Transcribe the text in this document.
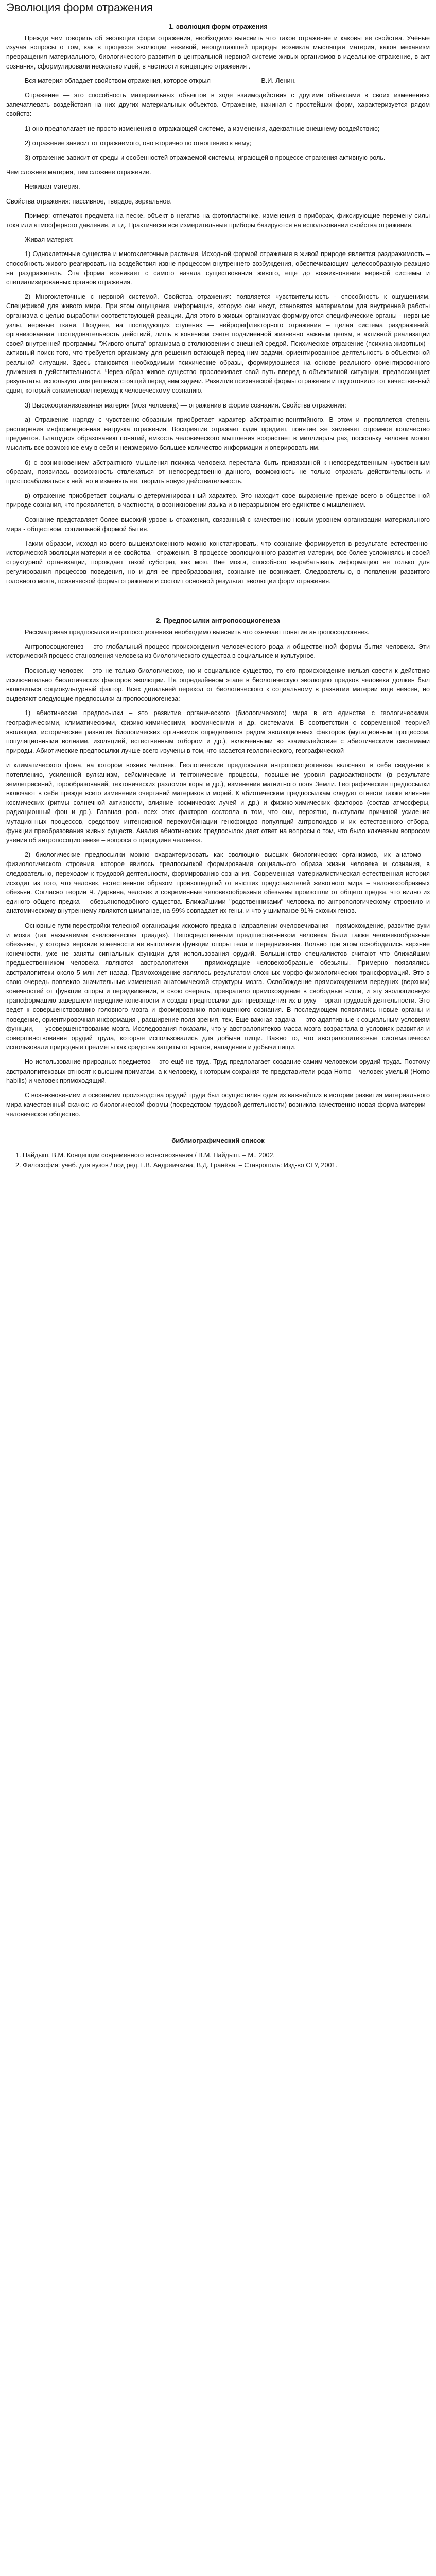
Эволюция форм отражения
1. эволюция форм отражения

Прежде чем говорить об эволюции форм отражения, необходимо выяснить что такое отражение и каковы её свойства. Учёные изучая вопросы о том, как в процессе эволюции неживой, неощущающей природы возникла мыслящая материя, каков механизм превращения материального, биологического развития в центральной нервной системе живых организмов в идеальное отражение, в акт сознания, сформулировали несколько идей, в частности концепцию отражения .

Вся материя обладает свойством отражения, которое открыл	В.И. Ленин.

Отражение — это способность материальных объектов в ходе взаимодействия с другими объектами в своих изменениях запечатлевать воздействия на них других материальных объектов. Отражение, начиная с простейших форм, характеризуется рядом свойств:

1) оно предполагает не просто изменения в отражающей системе, а изменения, адекватные внешнему воздействию;

2) отражение зависит от отражаемого, оно вторично по отношению к нему;

3) отражение зависит от среды и особенностей отражаемой системы, играющей в процессе отражения активную роль.

Чем сложнее материя, тем сложнее отражение.

Неживая материя.

Свойства отражения: пассивное, твердое, зеркальное.

Пример: отпечаток предмета на песке, объект в негатив на фотопластинке, изменения в приборах, фиксирующие перемену силы тока или атмосферного давления, и т.д. Практически все измерительные приборы базируются на использовании свойства отражения.

Живая материя:

1) Одноклеточные существа и многоклеточные растения. Исходной формой отражения в живой природе является раздражимость – способность живого реагировать на воздействия извне процессом внутреннего возбуждения, обеспечивающим целесообразную реакцию на раздражитель. Эта форма возникает с самого начала существования живого, еще до возникновения нервной системы и специализированных органов отражения.

2) Многоклеточные с нервной системой. Свойства отражения: появляется чувствительность - способность к ощущениям. Спецификой для живого мира. При этом ощущения, информация, которую они несут, становятся материалом для внутренней работы организма с целью выработки соответствующей реакции. Для этого в живых организмах формируются специфические органы - нервные узлы, нервные ткани. Позднее, на последующих ступенях — нейрорефлекторного отражения – целая система раздражений, организованная последовательность действий, лишь в конечном счете подчиненной жизненно важным целям, в активной реализации своей внутренней программы "Живого опыта" организма в столкновении с внешней средой. Психическое отражение (психика животных) - активный поиск того, что требуется организму для решения встающей перед ним задачи, ориентированное деятельность в объективной реальной ситуации. Здесь становится необходимым психические образы, формирующиеся на основе реального ориентировочного движения в действительности. Через образ живое существо прослеживает свой путь вперед в объективной ситуации, предвосхищает результаты, использует для решения стоящей перед ним задачи. Развитие психической формы отражения и подготовило тот качественный сдвиг, который ознаменовал переход к человеческому сознанию.

3) Высокоорганизованная материя (мозг человека) — отражение в форме сознания. Свойства отражения:

а) Отражение наряду с чувственно-образным приобретает характер абстрактно-понятийного. В этом и проявляется степень расширения информационная нагрузка отражения. Восприятие отражает один предмет, понятие же заменяет огромное количество предметов. Благодаря образованию понятий, емкость человеческого мышления возрастает в миллиарды раз, поскольку человек может мыслить все возможное ему в себя и неизмеримо большее количество информации и оперировать им.

б) с возникновением абстрактного мышления психика человека перестала быть привязанной к непосредственным чувственным образам, появилась возможность отвлекаться от непосредственно данного, возможность не только отражать действительность и приспосабливаться к ней, но и изменять ее, творить новую действительность.

в) отражение приобретает социально-детерминированный характер. Это находит свое выражение прежде всего в общественной природе сознания, что проявляется, в частности, в возникновении языка и в неразрывном его единстве с мышлением.

Сознание представляет более высокий уровень отражения, связанный с качественно новым уровнем организации материального мира - обществом, социальной формой бытия.

Таким образом, исходя из всего вышеизложенного можно констатировать, что сознание формируется в результате естественно-исторической эволюции материи и ее свойства - отражения. В процессе эволюционного развития материи, все более усложняясь и своей структурной организации, порождает такой субстрат, как мозг. Вне мозга, способного вырабатывать информацию не только для регулирования процессов поведения, но и для ее преобразования, сознание не возникает. Следовательно, в появлении развитого головного мозга, психической формы отражения и состоит основной результат эволюции форм отражения.

2. Предпосылки антропосоциогенеза

Рассматривая предпосылки антропосоциогенеза необходимо выяснить что означает понятие антропосоциогенез.

Антропосоциогенез – это глобальный процесс происхождения человеческого рода и общественной формы бытия человека. Эти исторический процесс становления человека из биологического существа в социальное и культурное.

Поскольку человек – это не только биологическое, но и социальное существо, то его происхождение нельзя свести к действию исключительно биологических факторов эволюции. На определённом этапе в биологическую эволюцию предков человека должен был включиться социокультурный фактор. Всех детальней переход от биологического к социальному в развитии материи еще неясен, но выделяют следующие предпосылки антропосоциогенеза:

1) абиотические предпосылки – это развитие органического (биологического) мира в его единстве с геологическими, географическими, климатическими, физико-химическими, космическими и др. системами. В соответствии с современной теорией эволюции, исторические развития биологических организмов определяется рядом эволюционных факторов (мутационным процессом, популяционными волнами, изоляцией, естественным отбором и др.), включенными во взаимодействие с абиотическими системами природы. Абиотические предпосылки лучше всего изучены в том, что касается геологического, географической

и климатического фона, на котором возник человек. Геологические предпосылки антропосоциогенеза включают в себя сведение к потеплению, усиленной вулканизм, сейсмические и тектонические процессы, повышение уровня радиоактивности (в результате землетрясений, горообразований, тектонических разломов коры и др.), изменения магнитного поля Земли. Географические предпосылки включают в себя прежде всего изменения очертаний материков и морей. К абиотическим предпосылкам следует отнести также влияние космических (ритмы солнечной активности, влияние космических лучей и др.) и физико-химических факторов (состав атмосферы, радиационный фон и др.). Главная роль всех этих факторов состояла в том, что они, вероятно, выступали причиной усиления мутационных процессов, средством интенсивной перекомбинации генофондов популяций антропоидов и их естественного отбора, функции преобразования живых существ. Анализ абиотических предпосылок дает ответ на вопросы о том, что было ключевым вопросом учения об антропосоциогенезе – вопроса о прародине человека.

2) биологические предпосылки можно охарактеризовать как эволюцию высших биологических организмов, их анатомо – физиологического строения, которое явилось предпосылкой формирования социального образа жизни человека и сознания, в следовательно, переходом к трудовой деятельности, формированию сознания. Современная материалистическая естественная история исходит из того, что человек, естественное образом произошедший от высших представителей животного мира – человекообразных обезьян. Согласно теории Ч. Дарвина, человек и современные человекообразные обезьяны произошли от общего предка, что видно из единого общего предка – обезьяноподобного существа. Ближайшими "родственниками" человека по антропологическому строению и анатомическому внутреннему являются шимпанзе, на 99% совпадает их гены, и что у шимпанзе 91% схожих генов.

Основные пути перестройки телесной организации искомого предка в направлении очеловечивания – прямохождение, развитие руки и мозга (так называемая «человеческая триада»). Непосредственным предшественником человека были также человекообразные обезьяны, у которых верхние конечности не выполняли функции опоры тела и передвижения. Вольно при этом освободились верхние конечности, уже не заняты сигнальных функции для использования орудий. Большинство специалистов считают что ближайшим предшественником человека являются австралопитеки – прямоходящие человекообразные обезьяны. Примерно появлялись австралопитеки около 5 млн лет назад. Прямохождение являлось результатом сложных морфо-физиологических трансформаций. Это в свою очередь повлекло значительные изменения анатомической структуры мозга. Освобождение прямохождением передних (верхних) конечностей от функции опоры и передвижения, в свою очередь, превратило прямохождение в свободные ниши, и эту эволюционную трансформацию завершили передние конечности и создав предпосылки для превращения их в руку – орган трудовой деятельности. Это ведет к совершенствованию головного мозга и формированию полноценного сознания. В последующем появлялись новые органы и поведение, ориентировочная информация , расширение поля зрения, тех. Еще важная задача — это адаптивные к социальным условиям функции, — усовершенствование мозга. Исследования показали, что у австралопитеков масса мозга возрастала в условиях развития и совершенствования орудий труда, которые использовались для добычи пищи. Важно то, что австралопитековые систематически использовали природные предметы как средства защиты от врагов, нападения и добычи пищи.

Но использование природных предметов – это ещё не труд. Труд предполагает создание самим человеком орудий труда. Поэтому австралопитековых относят к высшим приматам, а к человеку, к которым сохраняя те представители рода Homo – человек умелый (Homo habilis) и человек прямоходящий.

С возникновением и освоением производства орудий труда был осуществлён один из важнейших в истории развития материального мира качественный скачок: из биологической формы (посредством трудовой деятельности) возникла качественно новая форма материи - человеческое общество.

библиографический список
1. Найдыш, В.М. Концепции современного естествознания / В.М. Найдыш. – М., 2002.
2. Философия: учеб. для вузов / под ред. Г.В. Андреичкина, В.Д. Гранёва. – Ставрополь: Изд-во СГУ, 2001.
